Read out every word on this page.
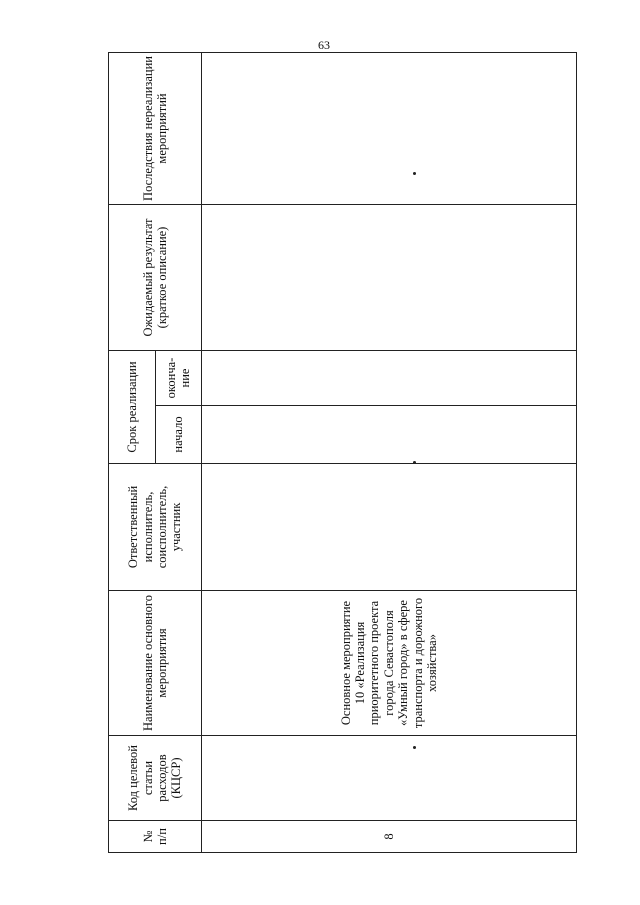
63
№ п/п	Код целевой статьи расходов (КЦСР)	Наименование основного мероприятия	Ответственный исполнитель, соисполнитель, участник	Срок реализации		Ожидаемый результат (краткое описание)	Последствия нереализации мероприятий
				начало	оконча-ние		
8		Основное мероприятие 10 «Реализация приоритетного проекта города Севастополя «Умный город» в сфере транспорта и дорожного хозяйства»					
